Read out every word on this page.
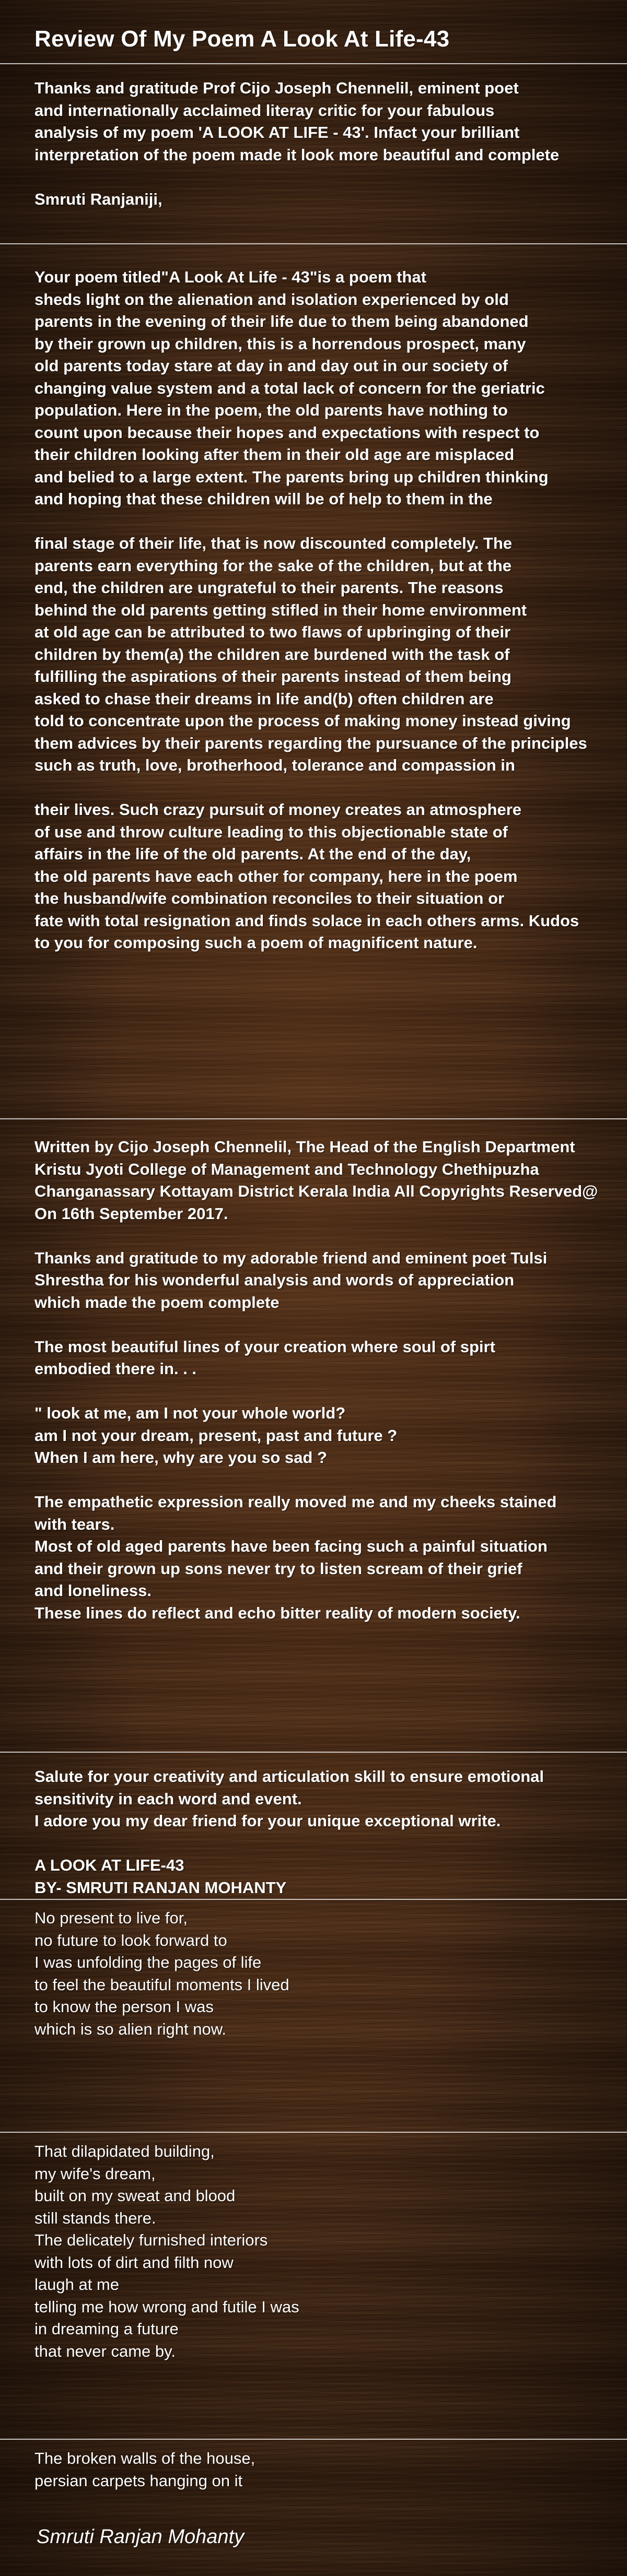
Review Of My Poem A Look At Life-43
Thanks and gratitude Prof Cijo Joseph Chennelil, eminent poet
and internationally acclaimed literay critic for your fabulous
analysis of my poem 'A LOOK AT LIFE - 43'. Infact your brilliant
interpretation of the poem made it look more beautiful and complete
Smruti Ranjaniji,
Your poem titled"A Look At Life - 43"is a poem that
sheds light on the alienation and isolation experienced by old
parents in the evening of their life due to them being abandoned
by their grown up children, this is a horrendous prospect, many
old parents today stare at day in and day out in our society of
changing value system and a total lack of concern for the geriatric
population. Here in the poem, the old parents have nothing to
count upon because their hopes and expectations with respect to
their children looking after them in their old age are misplaced
and belied to a large extent. The parents bring up children thinking
and hoping that these children will be of help to them in the
final stage of their life, that is now discounted completely. The
parents earn everything for the sake of the children, but at the
end, the children are ungrateful to their parents. The reasons
behind the old parents getting stifled in their home environment
at old age can be attributed to two flaws of upbringing of their
children by them(a) the children are burdened with the task of
fulfilling the aspirations of their parents instead of them being
asked to chase their dreams in life and(b) often children are
told to concentrate upon the process of making money instead giving
them advices by their parents regarding the pursuance of the principles
such as truth, love, brotherhood, tolerance and compassion in
their lives. Such crazy pursuit of money creates an atmosphere
of use and throw culture leading to this objectionable state of
affairs in the life of the old parents. At the end of the day,
the old parents have each other for company, here in the poem
the husband/wife combination reconciles to their situation or
fate with total resignation and finds solace in each others arms. Kudos
to you for composing such a poem of magnificent nature.
Written by Cijo Joseph Chennelil, The Head of the English Department
Kristu Jyoti College of Management and Technology Chethipuzha
Changanassary Kottayam District Kerala India All Copyrights Reserved@
On 16th September 2017.
Thanks and gratitude to my adorable friend and eminent poet Tulsi
Shrestha for his wonderful analysis and words of appreciation
which made the poem complete
The most beautiful lines of your creation where soul of spirt
embodied there in. . .
" look at me, am I not your whole world?
am I not your dream, present, past and future ?
When I am here, why are you so sad ?
The empathetic expression really moved me and my cheeks stained
with tears.
Most of old aged parents have been facing such a painful situation
and their grown up sons never try to listen scream of their grief
and loneliness.
These lines do reflect and echo bitter reality of modern society.
Salute for your creativity and articulation skill to ensure emotional
sensitivity in each word and event.
I adore you my dear friend for your unique exceptional write.
A LOOK AT LIFE-43
BY- SMRUTI RANJAN MOHANTY
No present to live for,
no future to look forward to
I was unfolding the pages of life
to feel the beautiful moments I lived
to know the person I was
which is so alien right now.
That dilapidated building,
my wife's dream,
built on my sweat and blood
still stands there.
The delicately furnished interiors
with lots of dirt and filth now
laugh at me
telling me how wrong and futile I was
in dreaming a future
that never came by.
The broken walls of the house,
persian carpets hanging on it
Smruti Ranjan Mohanty
